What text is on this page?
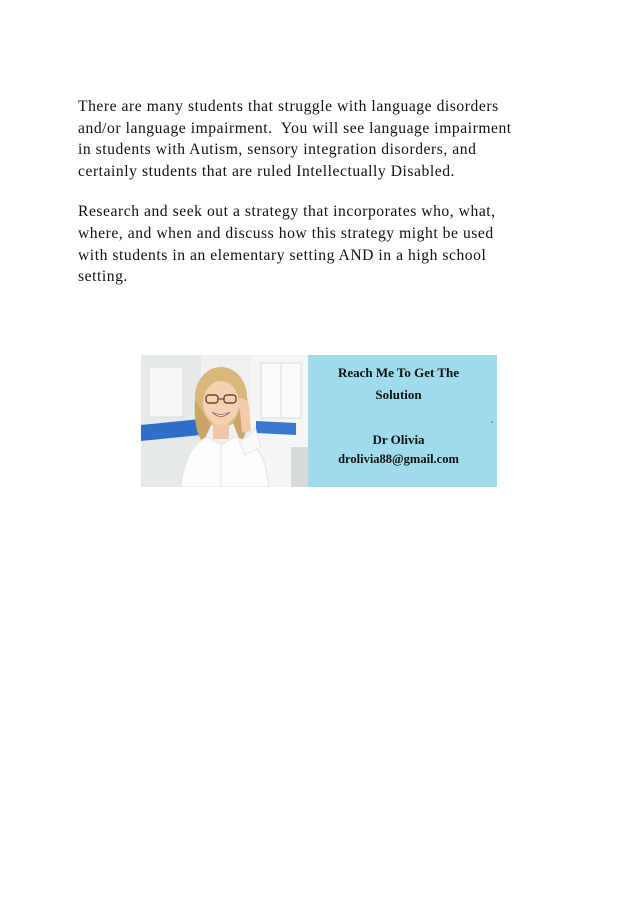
There are many students that struggle with language disorders
and/or language impairment.  You will see language impairment
in students with Autism, sensory integration disorders, and
certainly students that are ruled Intellectually Disabled.

Research and seek out a strategy that incorporates who, what,
where, and when and discuss how this strategy might be used
with students in an elementary setting AND in a high school
setting.

Reach Me To Get The
Solution
Dr Olivia
drolivia88@gmail.com
